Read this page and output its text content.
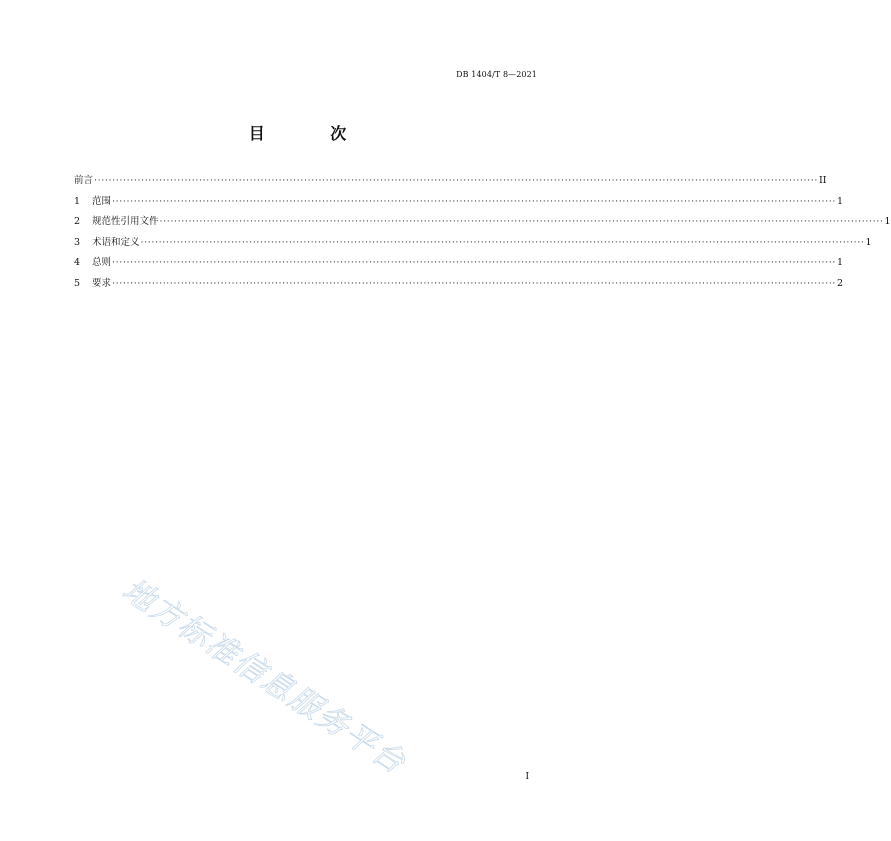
DB 1404/T 8—2021
目 次
前言 ········································································································································································································ II
1	范围 ········································································································································································································ 1
2	规范性引用文件 ········································································································································································································ 1
3	术语和定义 ········································································································································································································ 1
4	总则 ········································································································································································································ 1
5	要求 ········································································································································································································ 2
地方标准信息服务平台	I
